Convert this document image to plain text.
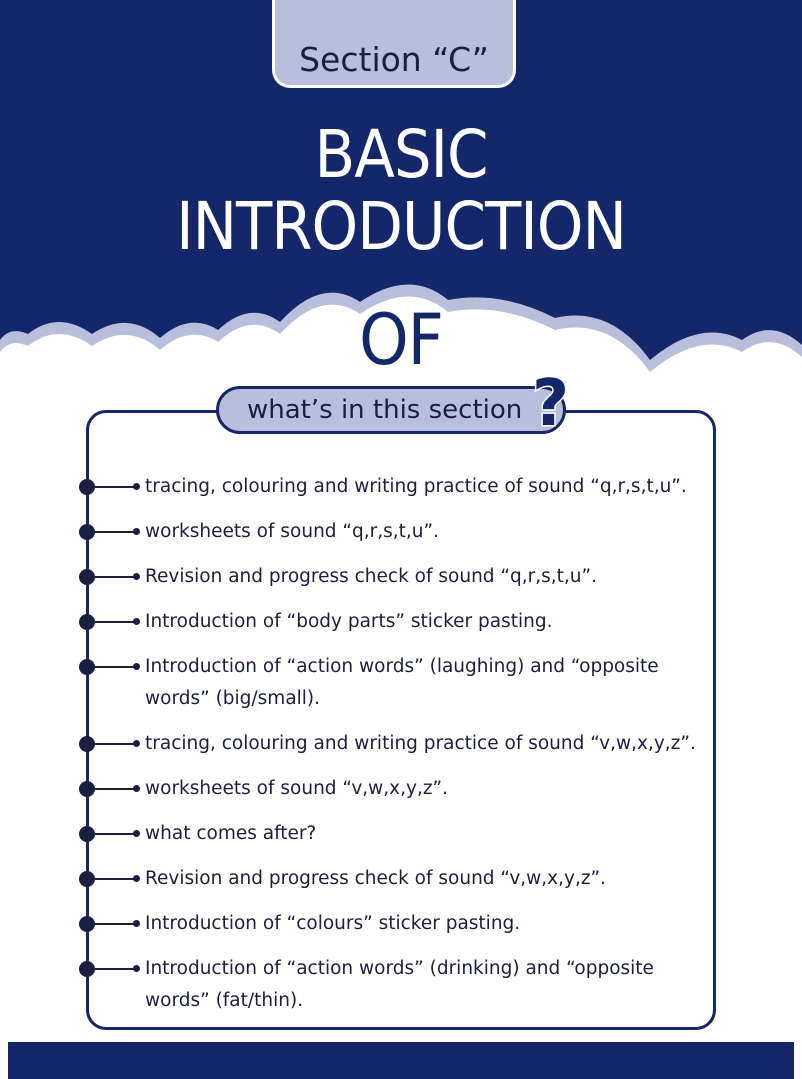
Section “C”
BASIC
INTRODUCTION
OF
what’s in this section ?
tracing, colouring and writing practice of sound “q,r,s,t,u”.
worksheets of sound “q,r,s,t,u”.
Revision and progress check of sound “q,r,s,t,u”.
Introduction of “body parts” sticker pasting.
Introduction of “action words” (laughing) and “opposite words” (big/small).
tracing, colouring and writing practice of sound “v,w,x,y,z”.
worksheets of sound “v,w,x,y,z”.
what comes after?
Revision and progress check of sound “v,w,x,y,z”.
Introduction of “colours” sticker pasting.
Introduction of “action words” (drinking) and “opposite words” (fat/thin).
